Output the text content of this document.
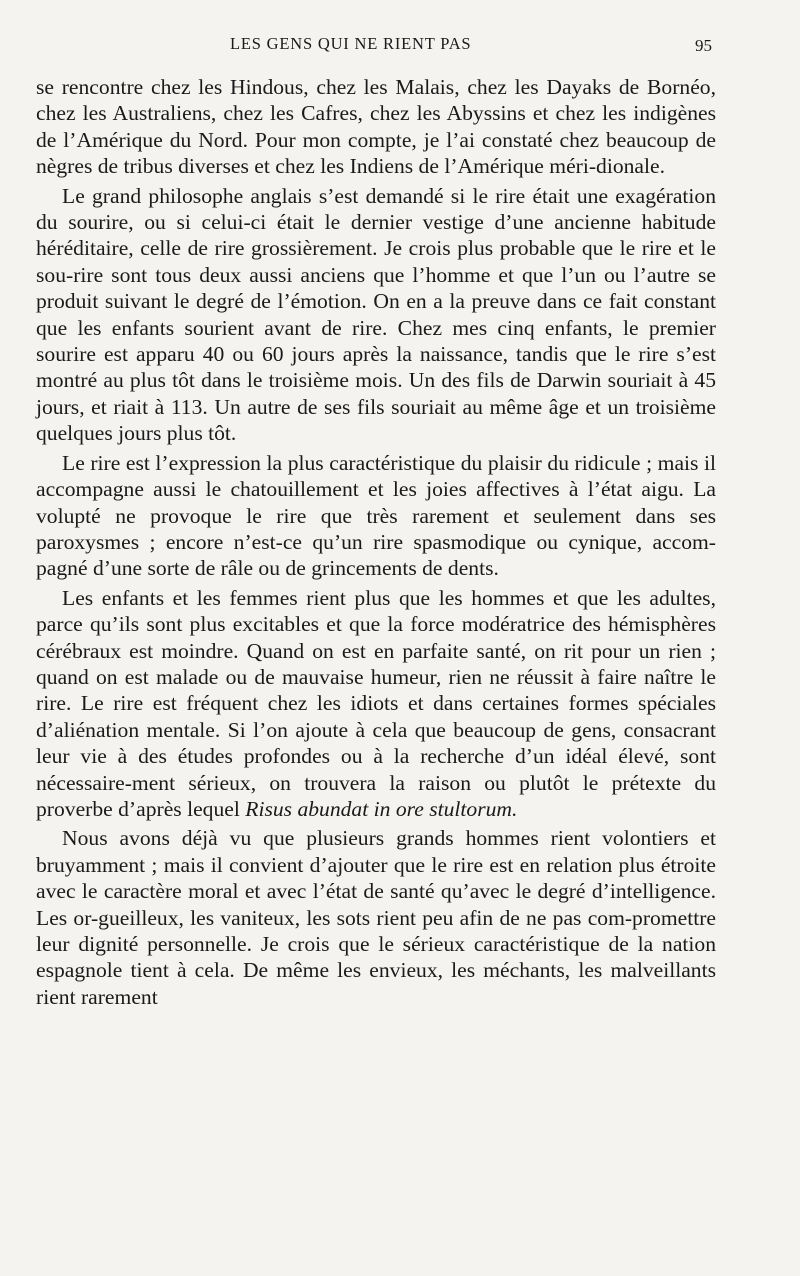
LES GENS QUI NE RIENT PAS	95

se rencontre chez les Hindous, chez les Malais, chez les Dayaks de Bornéo, chez les Australiens, chez les Cafres, chez les Abyssins et chez les indigènes de l’Amérique du Nord. Pour mon compte, je l’ai constaté chez beaucoup de nègres de tribus diverses et chez les Indiens de l’Amérique méri-dionale.

Le grand philosophe anglais s’est demandé si le rire était une exagération du sourire, ou si celui-ci était le dernier vestige d’une ancienne habitude héréditaire, celle de rire grossièrement. Je crois plus probable que le rire et le sou-rire sont tous deux aussi anciens que l’homme et que l’un ou l’autre se produit suivant le degré de l’émotion. On en a la preuve dans ce fait constant que les enfants sourient avant de rire. Chez mes cinq enfants, le premier sourire est apparu 40 ou 60 jours après la naissance, tandis que le rire s’est montré au plus tôt dans le troisième mois. Un des fils de Darwin souriait à 45 jours, et riait à 113. Un autre de ses fils souriait au même âge et un troisième quelques jours plus tôt.

Le rire est l’expression la plus caractéristique du plaisir du ridicule ; mais il accompagne aussi le chatouillement et les joies affectives à l’état aigu. La volupté ne provoque le rire que très rarement et seulement dans ses paroxysmes ; encore n’est-ce qu’un rire spasmodique ou cynique, accom-pagné d’une sorte de râle ou de grincements de dents.

Les enfants et les femmes rient plus que les hommes et que les adultes, parce qu’ils sont plus excitables et que la force modératrice des hémisphères cérébraux est moindre. Quand on est en parfaite santé, on rit pour un rien ; quand on est malade ou de mauvaise humeur, rien ne réussit à faire naître le rire. Le rire est fréquent chez les idiots et dans certaines formes spéciales d’aliénation mentale. Si l’on ajoute à cela que beaucoup de gens, consacrant leur vie à des études profondes ou à la recherche d’un idéal élevé, sont nécessaire-ment sérieux, on trouvera la raison ou plutôt le prétexte du proverbe d’après lequel Risus abundat in ore stultorum.

Nous avons déjà vu que plusieurs grands hommes rient volontiers et bruyamment ; mais il convient d’ajouter que le rire est en relation plus étroite avec le caractère moral et avec l’état de santé qu’avec le degré d’intelligence. Les or-gueilleux, les vaniteux, les sots rient peu afin de ne pas com-promettre leur dignité personnelle. Je crois que le sérieux caractéristique de la nation espagnole tient à cela. De même les envieux, les méchants, les malveillants rient rarement
